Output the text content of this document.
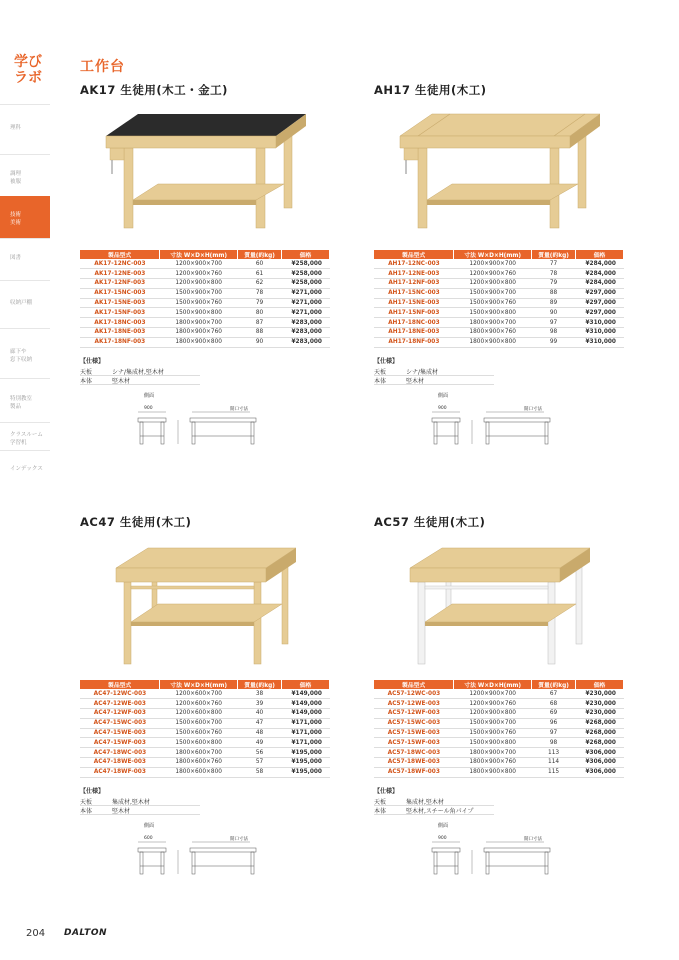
学び
ラボ
理科
調理
被服
技術
美術
図書
収納戸棚
廊下や
窓下収納
特別教室
製品
クラスルーム
学習机
インデックス
工作台
AK17 生徒用(木工・金工)
製品型式	寸法 W×D×H(mm)	質量(約kg)	価格
AK17-12NC-003	1200×900×700	60	¥258,000
AK17-12NE-003	1200×900×760	61	¥258,000
AK17-12NF-003	1200×900×800	62	¥258,000
AK17-15NC-003	1500×900×700	78	¥271,000
AK17-15NE-003	1500×900×760	79	¥271,000
AK17-15NF-003	1500×900×800	80	¥271,000
AK17-18NC-003	1800×900×700	87	¥283,000
AK17-18NE-003	1800×900×760	88	¥283,000
AK17-18NF-003	1800×900×800	90	¥283,000
【仕様】
天板	シナ/集成材,堅木材
本体	堅木材
側面
900	開口寸法
AH17 生徒用(木工)
製品型式	寸法 W×D×H(mm)	質量(約kg)	価格
AH17-12NC-003	1200×900×700	77	¥284,000
AH17-12NE-003	1200×900×760	78	¥284,000
AH17-12NF-003	1200×900×800	79	¥284,000
AH17-15NC-003	1500×900×700	88	¥297,000
AH17-15NE-003	1500×900×760	89	¥297,000
AH17-15NF-003	1500×900×800	90	¥297,000
AH17-18NC-003	1800×900×700	97	¥310,000
AH17-18NE-003	1800×900×760	98	¥310,000
AH17-18NF-003	1800×900×800	99	¥310,000
【仕様】
天板	シナ/集成材
本体	堅木材
側面
900	開口寸法
AC47 生徒用(木工)
製品型式	寸法 W×D×H(mm)	質量(約kg)	価格
AC47-12WC-003	1200×600×700	38	¥149,000
AC47-12WE-003	1200×600×760	39	¥149,000
AC47-12WF-003	1200×600×800	40	¥149,000
AC47-15WC-003	1500×600×700	47	¥171,000
AC47-15WE-003	1500×600×760	48	¥171,000
AC47-15WF-003	1500×600×800	49	¥171,000
AC47-18WC-003	1800×600×700	56	¥195,000
AC47-18WE-003	1800×600×760	57	¥195,000
AC47-18WF-003	1800×600×800	58	¥195,000
【仕様】
天板	集成材,堅木材
本体	堅木材
側面
600	開口寸法
AC57 生徒用(木工)
製品型式	寸法 W×D×H(mm)	質量(約kg)	価格
AC57-12WC-003	1200×900×700	67	¥230,000
AC57-12WE-003	1200×900×760	68	¥230,000
AC57-12WF-003	1200×900×800	69	¥230,000
AC57-15WC-003	1500×900×700	96	¥268,000
AC57-15WE-003	1500×900×760	97	¥268,000
AC57-15WF-003	1500×900×800	98	¥268,000
AC57-18WC-003	1800×900×700	113	¥306,000
AC57-18WE-003	1800×900×760	114	¥306,000
AC57-18WF-003	1800×900×800	115	¥306,000
【仕様】
天板	集成材,堅木材
本体	堅木材,スチール角パイプ
側面
900	開口寸法
204 DALTON
